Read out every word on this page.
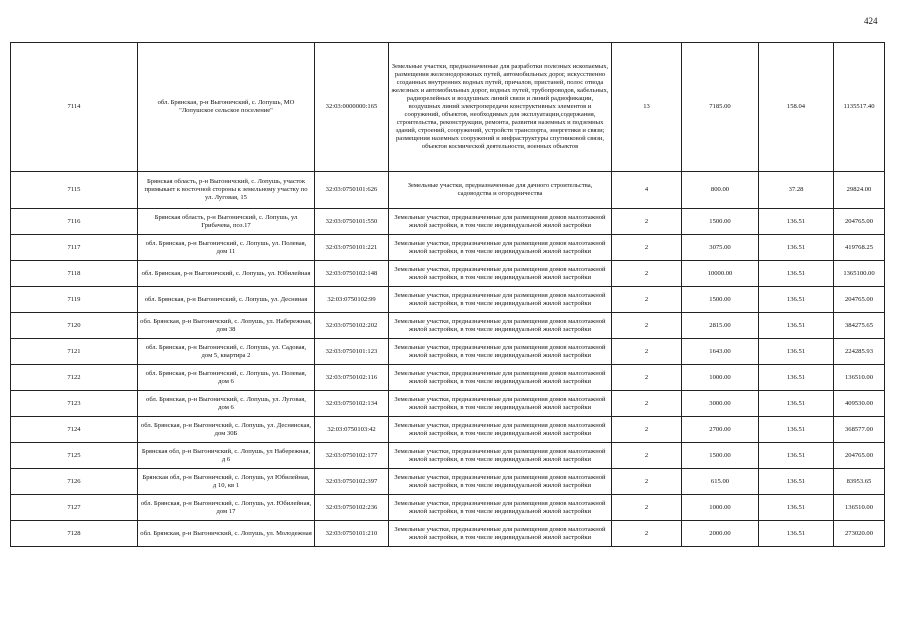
424
7114	обл. Брянская, р-н Выгоничский, с. Лопушь, МО "Лопушское сельское поселение"	32:03:0000000:165	Земельные участки, предназначенные для разработки полезных ископаемых, размещения железнодорожных путей, автомобильных дорог, искусственно созданных внутренних водных путей, причалов, пристаней, полос отвода железных и автомобильных дорог, водных путей, трубопроводов, кабельных, радиорелейных и воздушных линий связи и линий радиофикации, воздушных линий электропередачи конструктивных элементов и сооружений, объектов, необходимых для эксплуатации,содержания, строительства, реконструкции, ремонта, развития наземных и подземных зданий, строений, сооружений, устройств транспорта, энергетики и связи; размещения наземных сооружений и инфраструктуры спутниковой связи, объектов космической деятельности, военных объектов	13	7185.00	158.04	1135517.40
7115	Брянская область, р-н Выгоничский, с. Лопушь, участок примыкает к восточной стороны к земельному участку по ул. Луговая, 15	32:03:0750101:626	Земельные участки, предназначенные для дачного строительства, садоводства и огородничества	4	800.00	37.28	29824.00
7116	Брянская область, р-н Выгоничский, с. Лопушь, ул Грибачева, поз.17	32:03:0750101:550	Земельные участки, предназначенные для размещения домов малоэтажной жилой застройки, в том числе индивидуальной жилой застройки	2	1500.00	136.51	204765.00
7117	обл. Брянская, р-н Выгоничский, с. Лопушь, ул. Полевая, дом 11	32:03:0750101:221	Земельные участки, предназначенные для размещения домов малоэтажной жилой застройки, в том числе индивидуальной жилой застройки	2	3075.00	136.51	419768.25
7118	обл. Брянская, р-н Выгоничский, с. Лопушь, ул. Юбилейная	32:03:0750102:148	Земельные участки, предназначенные для размещения домов малоэтажной жилой застройки, в том числе индивидуальной жилой застройки	2	10000.00	136.51	1365100.00
7119	обл. Брянская, р-н Выгоничский, с. Лопушь, ул. Десняная	32:03:0750102:99	Земельные участки, предназначенные для размещения домов малоэтажной жилой застройки, в том числе индивидуальной жилой застройки	2	1500.00	136.51	204765.00
7120	обл. Брянская, р-н Выгоничский, с. Лопушь, ул. Набережная, дом 38	32:03:0750102:202	Земельные участки, предназначенные для размещения домов малоэтажной жилой застройки, в том числе индивидуальной жилой застройки	2	2815.00	136.51	384275.65
7121	обл. Брянская, р-н Выгоничский, с. Лопушь, ул. Садовая, дом 5, квартира 2	32:03:0750101:123	Земельные участки, предназначенные для размещения домов малоэтажной жилой застройки, в том числе индивидуальной жилой застройки	2	1643.00	136.51	224285.93
7122	обл. Брянская, р-н Выгоничский, с. Лопушь, ул. Полевая, дом 6	32:03:0750102:116	Земельные участки, предназначенные для размещения домов малоэтажной жилой застройки, в том числе индивидуальной жилой застройки	2	1000.00	136.51	136510.00
7123	обл. Брянская, р-н Выгоничский, с. Лопушь, ул. Луговая, дом 6	32:03:0750102:134	Земельные участки, предназначенные для размещения домов малоэтажной жилой застройки, в том числе индивидуальной жилой застройки	2	3000.00	136.51	409530.00
7124	обл. Брянская, р-н Выгоничский, с. Лопушь, ул. Деснянская, дом 30Б	32:03:0750103:42	Земельные участки, предназначенные для размещения домов малоэтажной жилой застройки, в том числе индивидуальной жилой застройки	2	2700.00	136.51	368577.00
7125	Брянская обл, р-н Выгоничский, с. Лопушь, ул Набережная, д 6	32:03:0750102:177	Земельные участки, предназначенные для размещения домов малоэтажной жилой застройки, в том числе индивидуальной жилой застройки	2	1500.00	136.51	204765.00
7126	Брянская обл, р-н Выгоничский, с. Лопушь, ул Юбилейная, д 10, кв 1	32:03:0750102:397	Земельные участки, предназначенные для размещения домов малоэтажной жилой застройки, в том числе индивидуальной жилой застройки	2	615.00	136.51	83953.65
7127	обл. Брянская, р-н Выгоничский, с. Лопушь, ул. Юбилейная, дом 17	32:03:0750102:236	Земельные участки, предназначенные для размещения домов малоэтажной жилой застройки, в том числе индивидуальной жилой застройки	2	1000.00	136.51	136510.00
7128	обл. Брянская, р-н Выгоничский, с. Лопушь, ул. Молодежная	32:03:0750101:210	Земельные участки, предназначенные для размещения домов малоэтажной жилой застройки, в том числе индивидуальной жилой застройки	2	2000.00	136.51	273020.00
